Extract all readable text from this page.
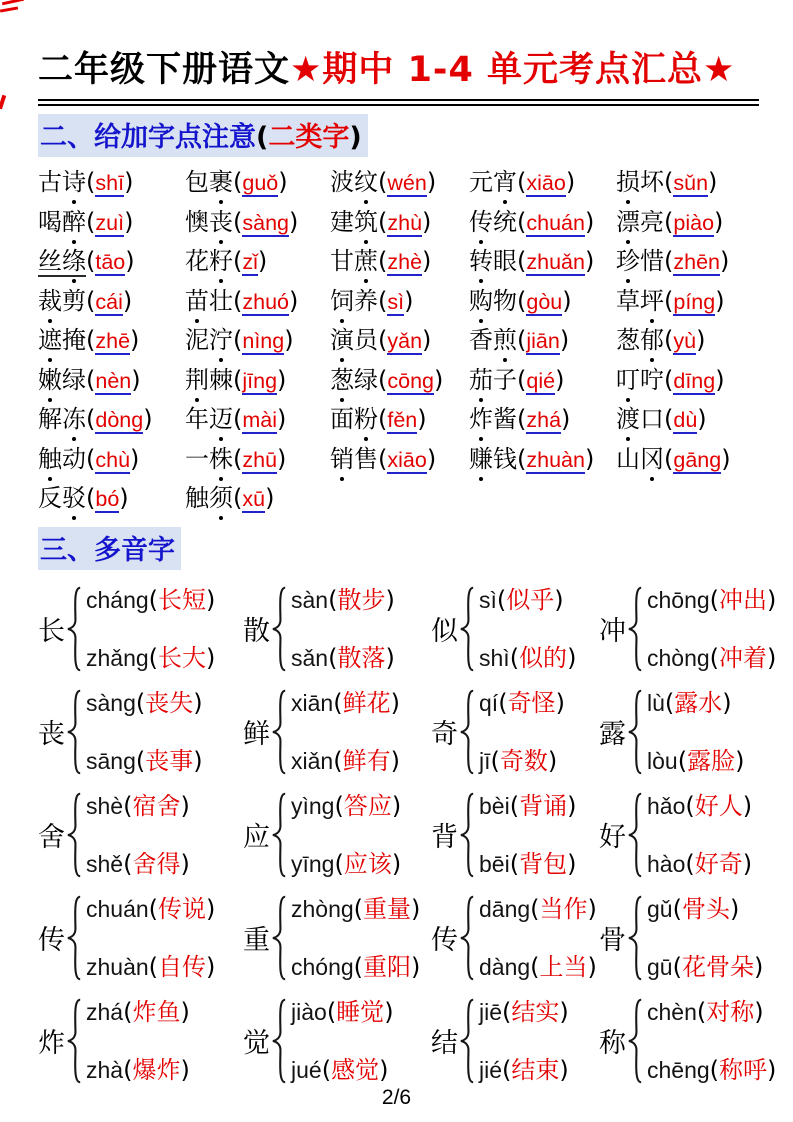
二年级下册语文★期中 1-4 单元考点汇总★
二、给加字点注意(二类字)
古诗(shī)	包裹(guǒ)	波纹(wén)	元宵(xiāo)	损坏(sǔn)
喝醉(zuì)	懊丧(sàng)	建筑(zhù)	传统(chuán) 漂亮(piào)
丝绦(tāo)	花籽(zǐ)	甘蔗(zhè)	转眼(zhuǎn) 珍惜(zhēn)
裁剪(cái)	苗壮(zhuó)	饲养(sì)	购物(gòu)	草坪(píng)
遮掩(zhē)	泥泞(nìng)	演员(yǎn)	香煎(jiān)	葱郁(yù)
嫩绿(nèn)	荆棘(jīng)	葱绿(cōng)	茄子(qié)	叮咛(dīng)
解冻(dòng)	年迈(mài)	面粉(fěn)	炸酱(zhá)	渡口(dù)
触动(chù)	一株(zhū)	销售(xiāo)	赚钱(zhuàn) 山冈(gāng)
反驳(bó)	触须(xū)
三、多音字
长
cháng(长短)
zhǎng(长大)
散
sàn(散步)
sǎn(散落)
似
sì(似乎)
shì(似的)
冲
chōng(冲出)
chòng(冲着)
丧
sàng(丧失)
sāng(丧事)
鲜
xiān(鲜花)
xiǎn(鲜有)
奇
qí(奇怪)
jī(奇数)
露
lù(露水)
lòu(露脸)
舍
shè(宿舍)
shě(舍得)
应
yìng(答应)
yīng(应该)
背
bèi(背诵)
bēi(背包)
好
hǎo(好人)
hào(好奇)
传
chuán(传说)
zhuàn(自传)
重
zhòng(重量)
chóng(重阳)
传
dāng(当作)
dàng(上当)
骨
gǔ(骨头)
gū(花骨朵)
炸
zhá(炸鱼)
zhà(爆炸)
觉
jiào(睡觉)
jué(感觉)
结
jiē(结实)
jié(结束)
称
chèn(对称)
chēng(称呼)
2/6
